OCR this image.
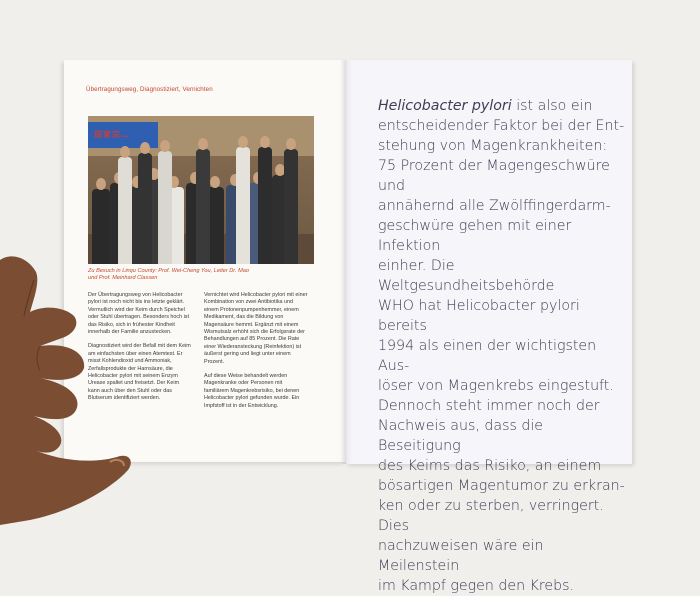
Übertragungsweg, Diagnostiziert, Vernichten
迎家宗…
Zu Besuch in Linqu County: Prof. Wei-Cheng You, Leiter Dr. Mao
und Prof. Meinhard Classen

Der Übertragungsweg von Helicobacter pylori ist noch nicht bis ins letzte geklärt. Vermutlich wird der Keim durch Speichel oder Stuhl übertragen. Besonders hoch ist das Risiko, sich in frühester Kindheit innerhalb der Familie anzustecken.

Diagnostiziert wird der Befall mit dem Keim am einfachsten über einen Atemtest. Er misst Kohlendioxid und Ammoniak, Zerfallsprodukte der Harnsäure, die Helicobacter pylori mit seinem Enzym Urease spaltet und freisetzt. Der Keim kann auch über den Stuhl oder das Blutserum identifiziert werden.

Vernichtet wird Helicobacter pylori mit einer Kombination von zwei Antibiotika und einem Protonenpumpenhemmer, einem Medikament, das die Bildung von Magensäure hemmt. Ergänzt mit einem Wismutsalz erhöht sich die Erfolgsrate der Behandlungen auf 85 Prozent. Die Rate einer Wiederansteckung (Reinfektion) ist äußerst gering und liegt unter einem Prozent.

Auf diese Weise behandelt werden Magenkranke oder Personen mit familiärem Magenkrebsrisiko, bei denen Helicobacter pylori gefunden wurde. Ein Impfstoff ist in der Entwicklung.

Helicobacter pylori ist also ein
entscheidender Faktor bei der Ent-
stehung von Magenkrankheiten:
75 Prozent der Magengeschwüre und
annähernd alle Zwölffingerdarm-
geschwüre gehen mit einer Infektion
einher. Die Weltgesundheitsbehörde
WHO hat Helicobacter pylori bereits
1994 als einen der wichtigsten Aus-
löser von Magenkrebs eingestuft.
Dennoch steht immer noch der
Nachweis aus, dass die Beseitigung
des Keims das Risiko, an einem
bösartigen Magentumor zu erkran-
ken oder zu sterben, verringert. Dies
nachzuweisen wäre ein Meilenstein
im Kampf gegen den Krebs.
